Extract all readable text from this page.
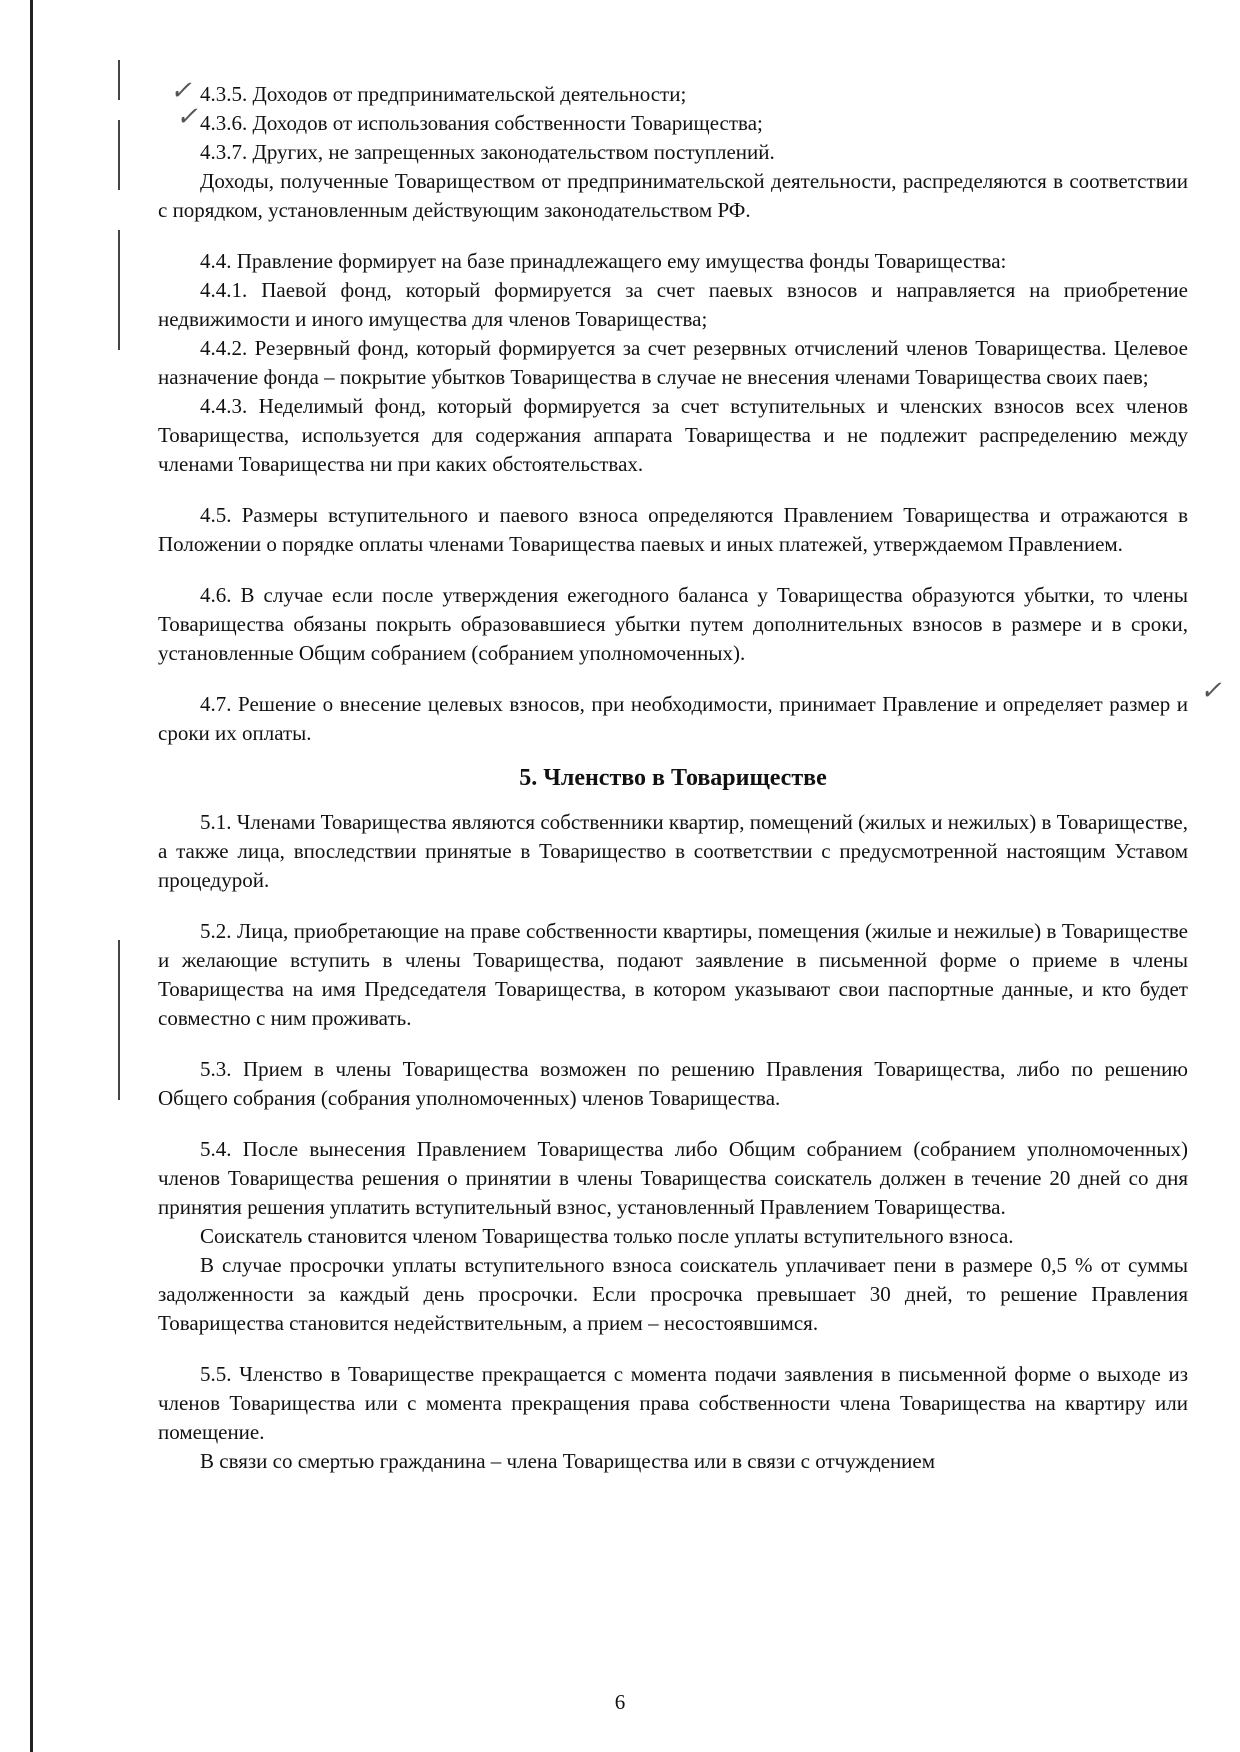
✓
✓
✓

4.3.5. Доходов от предпринимательской деятельности;

4.3.6. Доходов от использования собственности Товарищества;

4.3.7. Других, не запрещенных законодательством поступлений.

Доходы, полученные Товариществом от предпринимательской деятельности, распределяются в соответствии с порядком, установленным действующим законодательством РФ.

4.4. Правление формирует на базе принадлежащего ему имущества фонды Товарищества:

4.4.1. Паевой фонд, который формируется за счет паевых взносов и направляется на приобретение недвижимости и иного имущества для членов Товарищества;

4.4.2. Резервный фонд, который формируется за счет резервных отчислений членов Товарищества. Целевое назначение фонда – покрытие убытков Товарищества в случае не внесения членами Товарищества своих паев;

4.4.3. Неделимый фонд, который формируется за счет вступительных и членских взносов всех членов Товарищества, используется для содержания аппарата Товарищества и не подлежит распределению между членами Товарищества ни при каких обстоятельствах.

4.5. Размеры вступительного и паевого взноса определяются Правлением Товарищества и отражаются в Положении о порядке оплаты членами Товарищества паевых и иных платежей, утверждаемом Правлением.

4.6. В случае если после утверждения ежегодного баланса у Товарищества образуются убытки, то члены Товарищества обязаны покрыть образовавшиеся убытки путем дополнительных взносов в размере и в сроки, установленные Общим собранием (собранием уполномоченных).

4.7. Решение о внесение целевых взносов, при необходимости, принимает Правление и определяет размер и сроки их оплаты.

5. Членство в Товариществе

5.1. Членами Товарищества являются собственники квартир, помещений (жилых и нежилых) в Товариществе, а также лица, впоследствии принятые в Товарищество в соответствии с предусмотренной настоящим Уставом процедурой.

5.2. Лица, приобретающие на праве собственности квартиры, помещения (жилые и нежилые) в Товариществе и желающие вступить в члены Товарищества, подают заявление в письменной форме о приеме в члены Товарищества на имя Председателя Товарищества, в котором указывают свои паспортные данные, и кто будет совместно с ним проживать.

5.3. Прием в члены Товарищества возможен по решению Правления Товарищества, либо по решению Общего собрания (собрания уполномоченных) членов Товарищества.

5.4. После вынесения Правлением Товарищества либо Общим собранием (собранием уполномоченных) членов Товарищества решения о принятии в члены Товарищества соискатель должен в течение 20 дней со дня принятия решения уплатить вступительный взнос, установленный Правлением Товарищества.

Соискатель становится членом Товарищества только после уплаты вступительного взноса.

В случае просрочки уплаты вступительного взноса соискатель уплачивает пени в размере 0,5 % от суммы задолженности за каждый день просрочки. Если просрочка превышает 30 дней, то решение Правления Товарищества становится недействительным, а прием – несостоявшимся.

5.5. Членство в Товариществе прекращается с момента подачи заявления в письменной форме о выходе из членов Товарищества или с момента прекращения права собственности члена Товарищества на квартиру или помещение.

В связи со смертью гражданина – члена Товарищества или в связи с отчуждением

6
